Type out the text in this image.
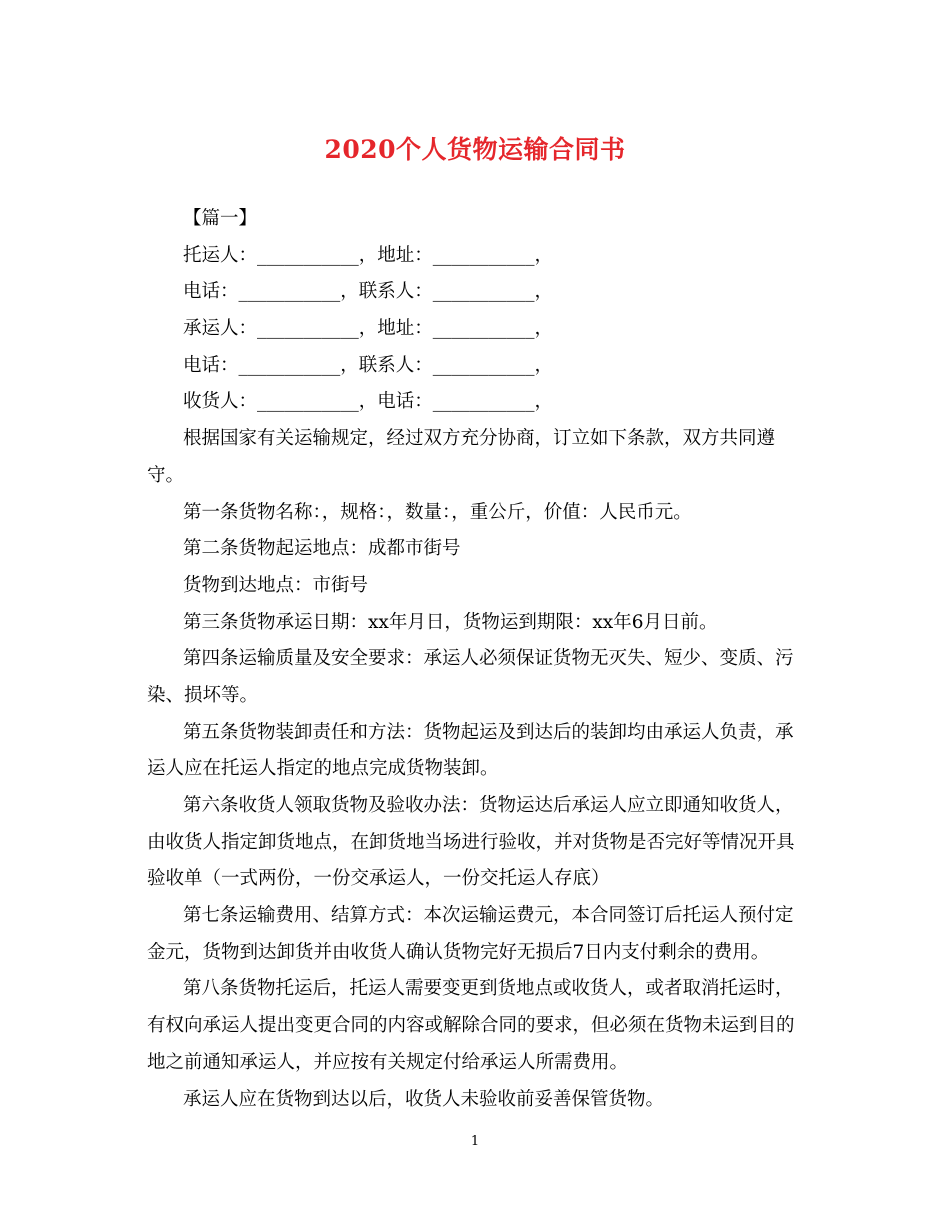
2020个人货物运输合同书
【篇一】
托运人：___________，地址：___________，
电话：___________，联系人：___________，
承运人：___________，地址：___________，
电话：___________，联系人：___________，
收货人：___________，电话：___________，
根据国家有关运输规定，经过双方充分协商，订立如下条款，双方共同遵
守。
第一条货物名称：，规格：，数量：，重公斤，价值：人民币元。
第二条货物起运地点：成都市街号
货物到达地点：市街号
第三条货物承运日期：xx年月日，货物运到期限：xx年6月日前。
第四条运输质量及安全要求：承运人必须保证货物无灭失、短少、变质、污
染、损坏等。
第五条货物装卸责任和方法：货物起运及到达后的装卸均由承运人负责，承
运人应在托运人指定的地点完成货物装卸。
第六条收货人领取货物及验收办法：货物运达后承运人应立即通知收货人，
由收货人指定卸货地点，在卸货地当场进行验收，并对货物是否完好等情况开具
验收单（一式两份，一份交承运人，一份交托运人存底）
第七条运输费用、结算方式：本次运输运费元，本合同签订后托运人预付定
金元，货物到达卸货并由收货人确认货物完好无损后7日内支付剩余的费用。
第八条货物托运后，托运人需要变更到货地点或收货人，或者取消托运时，
有权向承运人提出变更合同的内容或解除合同的要求，但必须在货物未运到目的
地之前通知承运人，并应按有关规定付给承运人所需费用。
承运人应在货物到达以后，收货人未验收前妥善保管货物。
1
